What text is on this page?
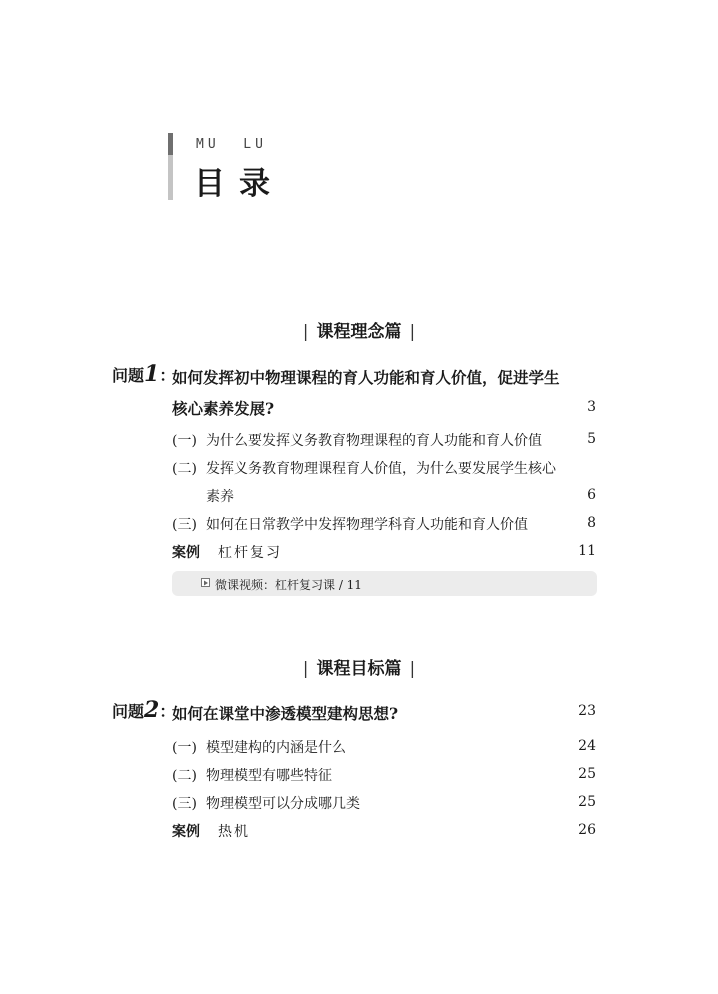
MU  LU
目录
| 课程理念篇 |
问题1：
如何发挥初中物理课程的育人功能和育人价值，促进学生
核心素养发展?	3
(一) 为什么要发挥义务教育物理课程的育人功能和育人价值	5
(二) 发挥义务教育物理课程育人价值，为什么要发展学生核心
素养	6
(三) 如何在日常教学中发挥物理学科育人功能和育人价值	8
案例 杠杆复习	11
微课视频：杠杆复习课 / 11
| 课程目标篇 |
问题2：
如何在课堂中渗透模型建构思想?	23
(一) 模型建构的内涵是什么	24
(二) 物理模型有哪些特征	25
(三) 物理模型可以分成哪几类	25
案例 热机	26
